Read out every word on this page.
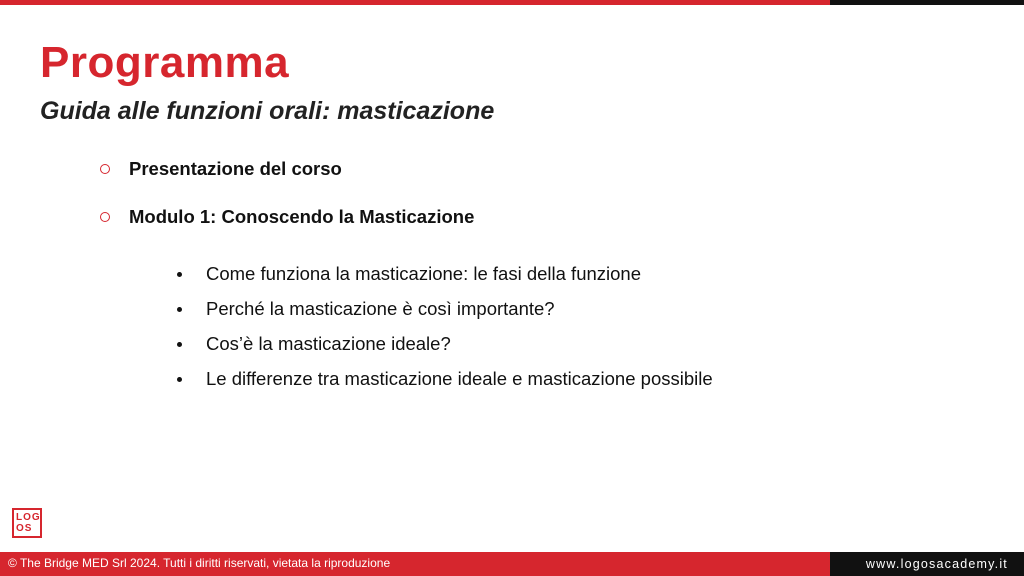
Programma
Guida alle funzioni orali: masticazione
Presentazione del corso
Modulo 1: Conoscendo la Masticazione
Come funziona la masticazione: le fasi della funzione
Perché la masticazione è così importante?
Cos’è la masticazione ideale?
Le differenze tra masticazione ideale e masticazione possibile
LOG
OS
© The Bridge MED Srl 2024. Tutti i diritti riservati, vietata la riproduzione	www.logosacademy.it
